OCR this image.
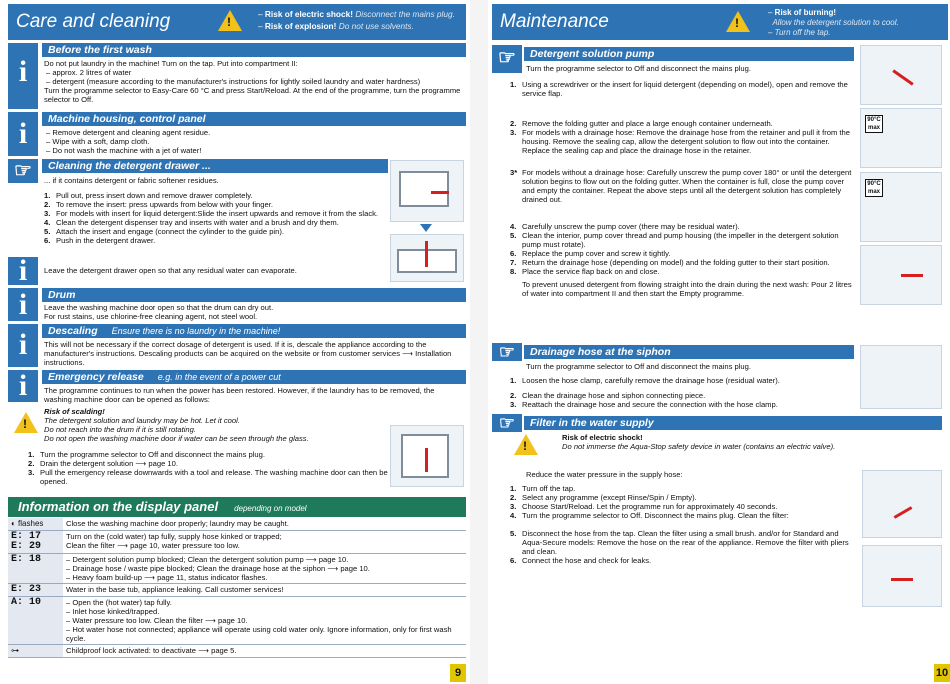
Care and cleaning	!
– Risk of electric shock! Disconnect the mains plug.
– Risk of explosion! Do not use solvents.
i
Before the first wash
Do not put laundry in the machine! Turn on the tap. Put into compartment II:
– approx. 2 litres of water
– detergent (measure according to the manufacturer's instructions for lightly soiled laundry and water hardness)
Turn the programme selector to Easy-Care 60 °C and press Start/Reload. At the end of the programme, turn the programme selector to Off.
i	Machine housing, control panel
– Remove detergent and cleaning agent residue.
– Wipe with a soft, damp cloth.
– Do not wash the machine with a jet of water!
☞	Cleaning the detergent drawer ...
... if it contains detergent or fabric softener residues.
1. Pull out, press insert down and remove drawer completely.
2. To remove the insert: press upwards from below with your finger.
3. For models with insert for liquid detergent:Slide the insert upwards and remove it from the slack.
4. Clean the detergent dispenser tray and inserts with water and a brush and dry them.
5. Attach the insert and engage (connect the cylinder to the guide pin).
6. Push in the detergent drawer.
i	Leave the detergent drawer open so that any residual water can evaporate.
i	Drum
Leave the washing machine door open so that the drum can dry out.
For rust stains, use chlorine-free cleaning agent, not steel wool.
i	Descaling Ensure there is no laundry in the machine!
This will not be necessary if the correct dosage of detergent is used. If it is, descale the appliance according to the manufacturer's instructions. Descaling products can be acquired on the website or from customer services ⟶ Installation instructions.
i	Emergency release e.g. in the event of a power cut
The programme continues to run when the power has been restored. However, if the laundry has to be removed, the washing machine door can be opened as follows:
!
Risk of scalding!
The detergent solution and laundry may be hot. Let it cool.
Do not reach into the drum if it is still rotating.
Do not open the washing machine door if water can be seen through the glass.
1. Turn the programme selector to Off and disconnect the mains plug.
2. Drain the detergent solution ⟶ page 10.
3. Pull the emergency release downwards with a tool and release. The washing machine door can then be opened.
Information on the display panel depending on model
◐ flashes	Close the washing machine door properly; laundry may be caught.
E: 17
E: 29	Turn on the (cold water) tap fully, supply hose kinked or trapped;
Clean the filter ⟶ page 10, water pressure too low.
E: 18	– Detergent solution pump blocked; Clean the detergent solution pump ⟶ page 10.
– Drainage hose / waste pipe blocked; Clean the drainage hose at the siphon ⟶ page 10.
– Heavy foam build-up ⟶ page 11, status indicator flashes.
E: 23	Water in the base tub, appliance leaking. Call customer services!
A: 10	– Open the (hot water) tap fully.
– Inlet hose kinked/trapped.
– Water pressure too low. Clean the filter ⟶ page 10.
– Hot water hose not connected; appliance will operate using cold water only. Ignore information, only for first wash cycle.
⊶	Childproof lock activated: to deactivate ⟶ page 5.
9
Maintenance	!
– Risk of burning!
Allow the detergent solution to cool.
– Turn off the tap.
☞	Detergent solution pump
Turn the programme selector to Off and disconnect the mains plug.
1. Using a screwdriver or the insert for liquid detergent (depending on model), open and remove the service flap.
2. Remove the folding gutter and place a large enough container underneath.
3. For models with a drainage hose: Remove the drainage hose from the retainer and pull it from the housing. Remove the sealing cap, allow the detergent solution to flow out into the container. Replace the sealing cap and place the drainage hose in the retainer.
3* For models without a drainage hose: Carefully unscrew the pump cover 180° or until the detergent solution begins to flow out on the folding gutter. When the container is full, close the pump cover and empty the container. Repeat the above steps until all the detergent solution has completely drained out.
4. Carefully unscrew the pump cover (there may be residual water).
5. Clean the interior, pump cover thread and pump housing (the impeller in the detergent solution pump must rotate).
6. Replace the pump cover and screw it tightly.
7. Return the drainage hose (depending on model) and the folding gutter to their start position.
8. Place the service flap back on and close.
To prevent unused detergent from flowing straight into the drain during the next wash: Pour 2 litres of water into compartment II and then start the Empty programme.
90°C max
90°C max
☞	Drainage hose at the siphon
Turn the programme selector to Off and disconnect the mains plug.
1. Loosen the hose clamp, carefully remove the drainage hose (residual water).
2. Clean the drainage hose and siphon connecting piece.
3. Reattach the drainage hose and secure the connection with the hose clamp.
☞	Filter in the water supply
!
Risk of electric shock!
Do not immerse the Aqua-Stop safety device in water (contains an electric valve).
Reduce the water pressure in the supply hose:
1. Turn off the tap.
2. Select any programme (except Rinse/Spin / Empty).
3. Choose Start/Reload. Let the programme run for approximately 40 seconds.
4. Turn the programme selector to Off. Disconnect the mains plug. Clean the filter:
5. Disconnect the hose from the tap. Clean the filter using a small brush. and/or for Standard and Aqua-Secure models: Remove the hose on the rear of the appliance. Remove the filter with pliers and clean.
6. Connect the hose and check for leaks.
10
